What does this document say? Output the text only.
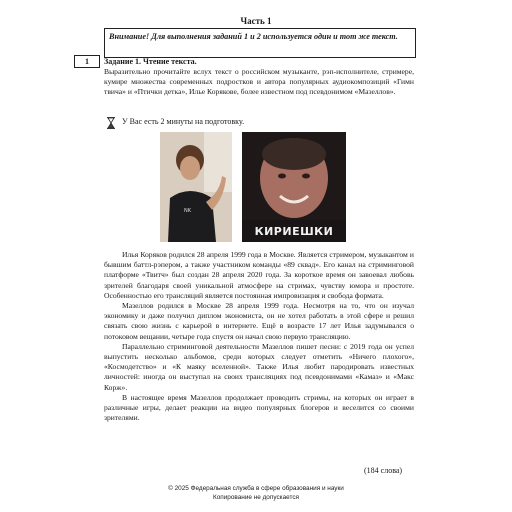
Часть 1
Внимание! Для выполнения заданий 1 и 2 используется один и тот же текст.
1	Задание 1. Чтение текста.
Выразительно прочитайте вслух текст о российском музыканте, рэп-исполнителе, стримере, кумире множества современных подростков и автора популярных аудиокомпозиций «Гимн твича» и «Птички детка», Илье Корякове, более известном под псевдонимом «Мазеллов».
У Вас есть 2 минуты на подготовку.
NK
КИРИЕШКИ

Илья Коряков родился 28 апреля 1999 года в Москве. Является стримером, музыкантом и бывшим баттл-рэпером, а также участником команды «89 сквад». Его канал на стриминговой платформе «Твитч» был создан 28 апреля 2020 года. За короткое время он завоевал любовь зрителей благодаря своей уникальной атмосфере на стримах, чувству юмора и простоте. Особенностью его трансляций является постоянная импровизация и свобода формата.

Мазеллов родился в Москве 28 апреля 1999 года. Несмотря на то, что он изучал экономику и даже получил диплом экономиста, он не хотел работать в этой сфере и решил связать свою жизнь с карьерой в интернете. Ещё в возрасте 17 лет Илья задумывался о потоковом вещании, четыре года спустя он начал свою первую трансляцию.

Параллельно стриминговой деятельности Мазеллов пишет песни: с 2019 года он успел выпустить несколько альбомов, среди которых следует отметить «Ничего плохого», «Космодетство» и «К маяку вселенной». Также Илья любит пародировать известных личностей: иногда он выступал на своих трансляциях под псевдонимами «Камаз» и «Макс Корж».

В настоящее время Мазеллов продолжает проводить стримы, на которых он играет в различные игры, делает реакции на видео популярных блогеров и веселится со своими зрителями.

(184 слова)
© 2025 Федеральная служба в сфере образования и науки
Копирование не допускается
